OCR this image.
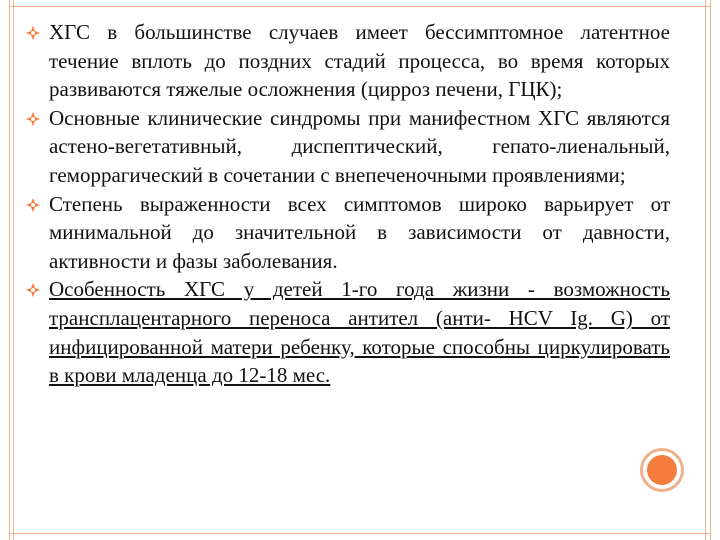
ХГС в большинстве случаев имеет бессимптомное латентное течение вплоть до поздних стадий процесса, во время которых развиваются тяжелые осложнения (цирроз печени, ГЦК);

Основные клинические синдромы при манифестном ХГС являются астено-вегетативный, диспептический, гепато-лиенальный, геморрагический в сочетании с внепеченочными проявлениями;

Степень выраженности всех симптомов широко варьирует от минимальной до значительной в зависимости от давности, активности и фазы заболевания.

Особенность ХГС у детей 1-го года жизни - возможность трансплацентарного переноса антител (анти- HCV Ig. G) от инфицированной матери ребенку, которые способны циркулировать в крови младенца до 12-18 мес.
